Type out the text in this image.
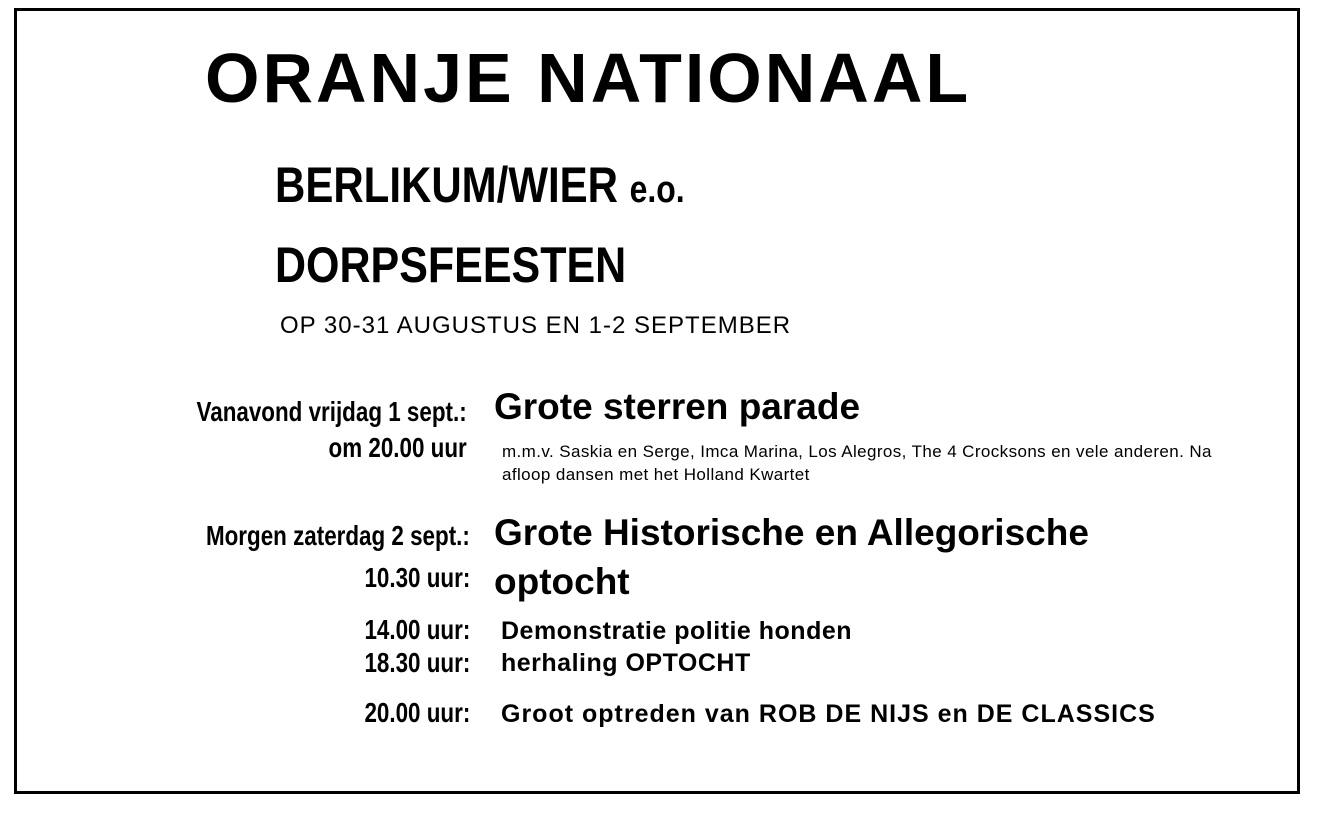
ORANJE NATIONAAL
BERLIKUM/WIER e.o.
DORPSFEESTEN
OP 30-31 AUGUSTUS EN 1-2 SEPTEMBER
Vanavond vrijdag 1 sept.:
om 20.00 uur
Morgen zaterdag 2 sept.:
10.30 uur:
14.00 uur:
18.30 uur:
20.00 uur:
Grote sterren parade
m.m.v. Saskia en Serge, Imca Marina, Los Alegros, The 4 Crocksons en vele anderen. Na afloop dansen met het Holland Kwartet
Grote Historische en Allegorische
optocht
Demonstratie politie honden
herhaling OPTOCHT
Groot optreden van ROB DE NIJS en DE CLASSICS
